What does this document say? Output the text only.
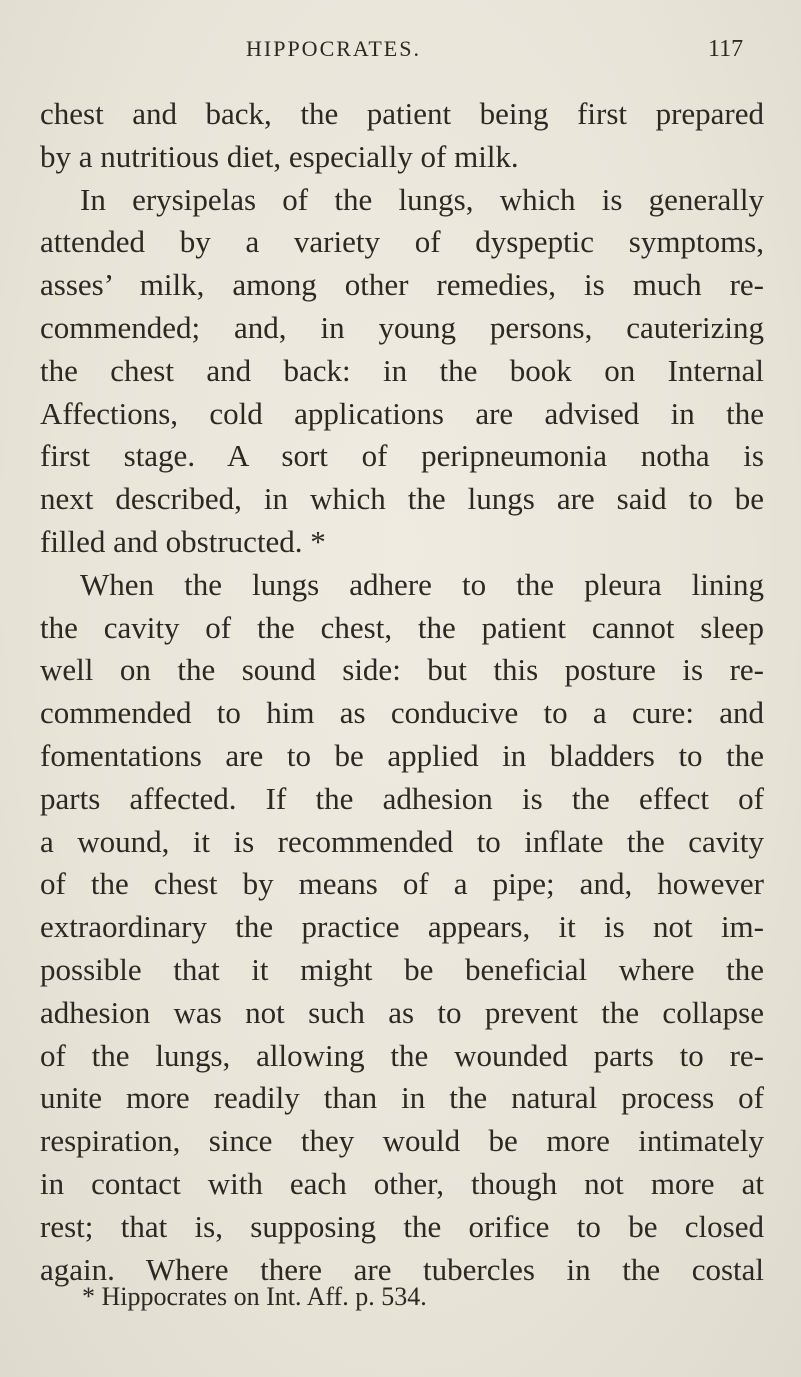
HIPPOCRATES.	117
chest and back, the patient being first prepared
by a nutritious diet, especially of milk.
In erysipelas of the lungs, which is generally
attended by a variety of dyspeptic symptoms,
asses’ milk, among other remedies, is much re-
commended; and, in young persons, cauterizing
the chest and back: in the book on Internal
Affections, cold applications are advised in the
first stage. A sort of peripneumonia notha is
next described, in which the lungs are said to be
filled and obstructed. *
When the lungs adhere to the pleura lining
the cavity of the chest, the patient cannot sleep
well on the sound side: but this posture is re-
commended to him as conducive to a cure: and
fomentations are to be applied in bladders to the
parts affected. If the adhesion is the effect of
a wound, it is recommended to inflate the cavity
of the chest by means of a pipe; and, however
extraordinary the practice appears, it is not im-
possible that it might be beneficial where the
adhesion was not such as to prevent the collapse
of the lungs, allowing the wounded parts to re-
unite more readily than in the natural process of
respiration, since they would be more intimately
in contact with each other, though not more at
rest; that is, supposing the orifice to be closed
again. Where there are tubercles in the costal
* Hippocrates on Int. Aff. p. 534.
